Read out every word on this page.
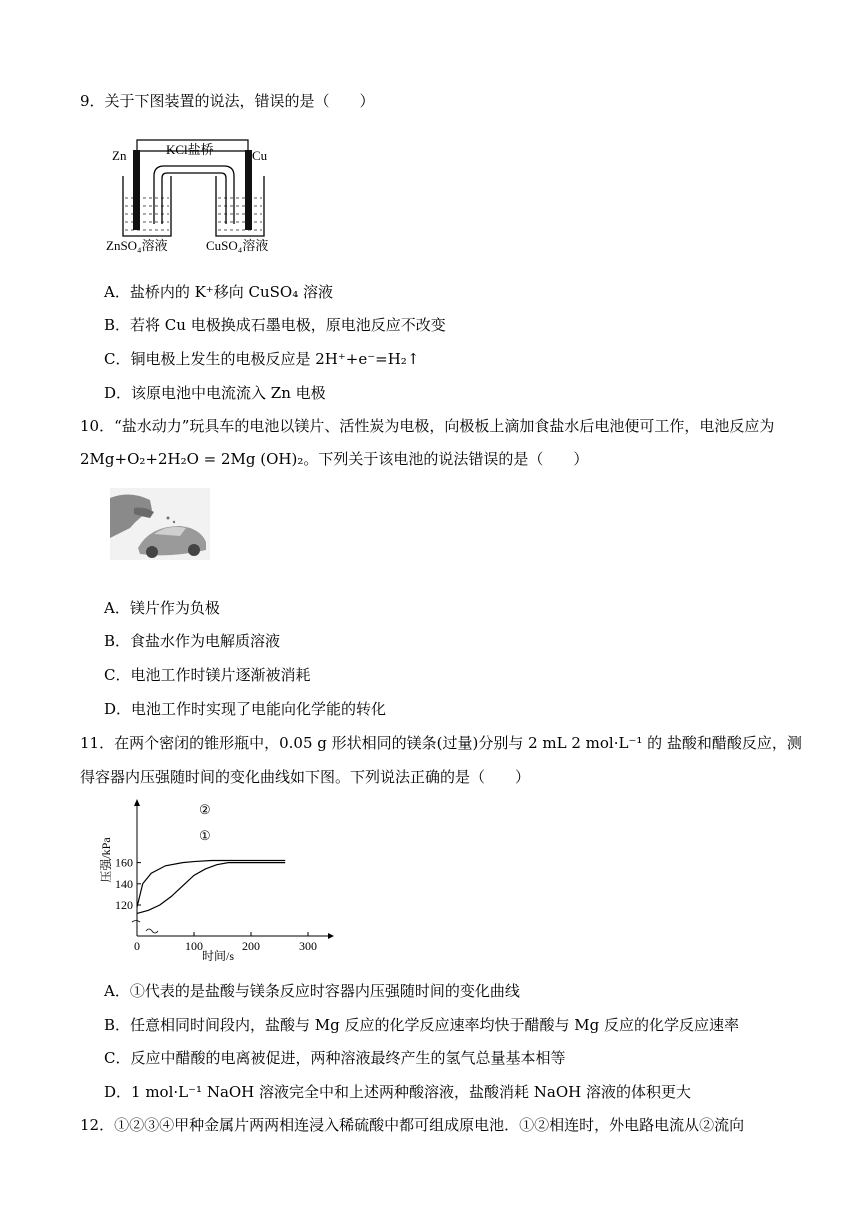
9．关于下图装置的说法，错误的是（　　）
Zn	Cu
KCl盐桥
ZnSO₄溶液	CuSO₄溶液
A．盐桥内的 K⁺移向 CuSO₄ 溶液
B．若将 Cu 电极换成石墨电极，原电池反应不改变
C．铜电极上发生的电极反应是 2H⁺+e⁻=H₂↑
D．该原电池中电流流入 Zn 电极
10．“盐水动力”玩具车的电池以镁片、活性炭为电极，向极板上滴加食盐水后电池便可工作，电池反应为
2Mg+O₂+2H₂O = 2Mg (OH)₂。下列关于该电池的说法错误的是（　　）
A．镁片作为负极
B．食盐水作为电解质溶液
C．电池工作时镁片逐渐被消耗
D．电池工作时实现了电能向化学能的转化
11．在两个密闭的锥形瓶中，0.05 g 形状相同的镁条(过量)分别与 2 mL 2 mol·L⁻¹ 的 盐酸和醋酸反应，测
得容器内压强随时间的变化曲线如下图。下列说法正确的是（　　）
0	100	200	300
120
140
160
压强/kPa
时间/s
②
①
A．①代表的是盐酸与镁条反应时容器内压强随时间的变化曲线
B．任意相同时间段内，盐酸与 Mg 反应的化学反应速率均快于醋酸与 Mg 反应的化学反应速率
C．反应中醋酸的电离被促进，两种溶液最终产生的氢气总量基本相等
D．1 mol·L⁻¹ NaOH 溶液完全中和上述两种酸溶液，盐酸消耗 NaOH 溶液的体积更大
12．①②③④甲种金属片两两相连浸入稀硫酸中都可组成原电池．①②相连时，外电路电流从②流向
